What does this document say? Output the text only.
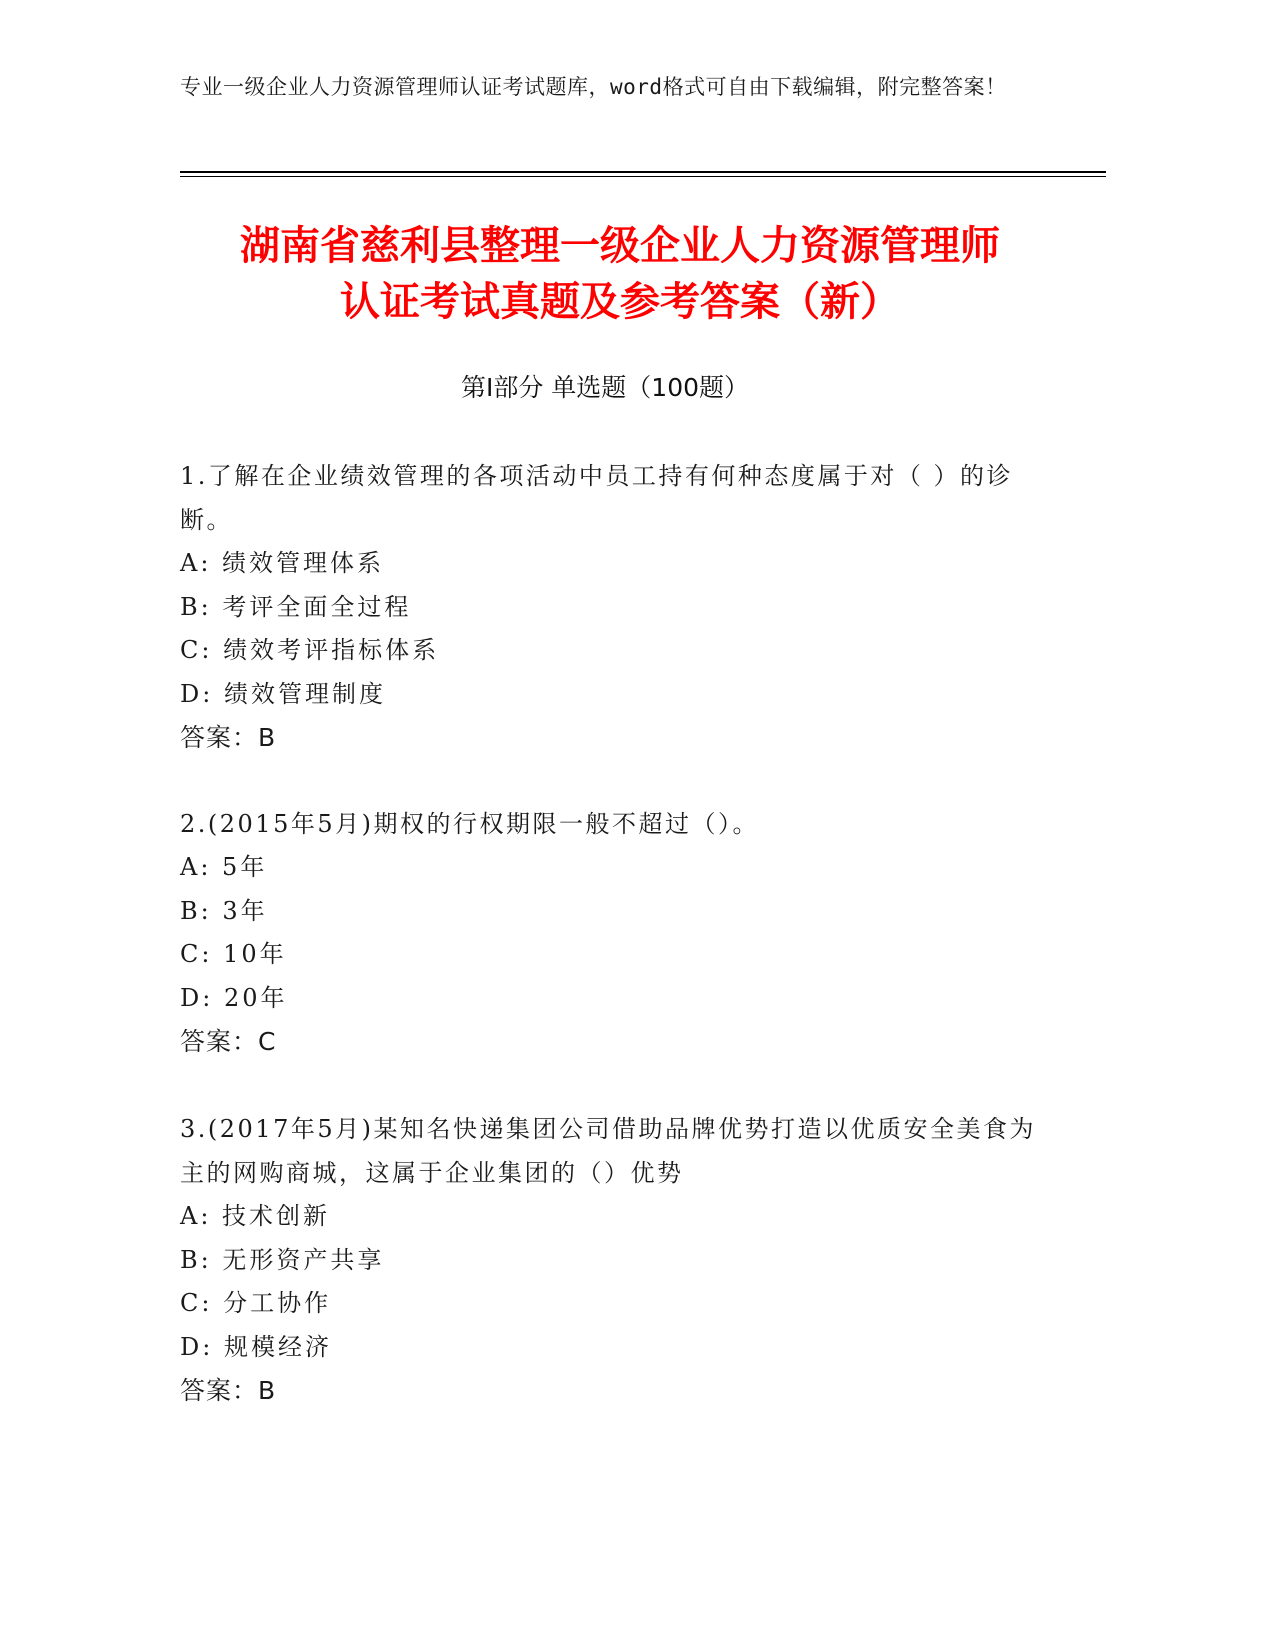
专业一级企业人力资源管理师认证考试题库，word格式可自由下载编辑，附完整答案！
湖南省慈利县整理一级企业人力资源管理师
认证考试真题及参考答案（新）
第Ⅰ部分 单选题（100题）
1.了解在企业绩效管理的各项活动中员工持有何种态度属于对（ ）的诊断。
A: 绩效管理体系
B: 考评全面全过程
C: 绩效考评指标体系
D: 绩效管理制度
答案：B
2.(2015年5月)期权的行权期限一般不超过（）。
A: 5年
B: 3年
C: 10年
D: 20年
答案：C
3.(2017年5月)某知名快递集团公司借助品牌优势打造以优质安全美食为主的网购商城，这属于企业集团的（）优势
A: 技术创新
B: 无形资产共享
C: 分工协作
D: 规模经济
答案：B
